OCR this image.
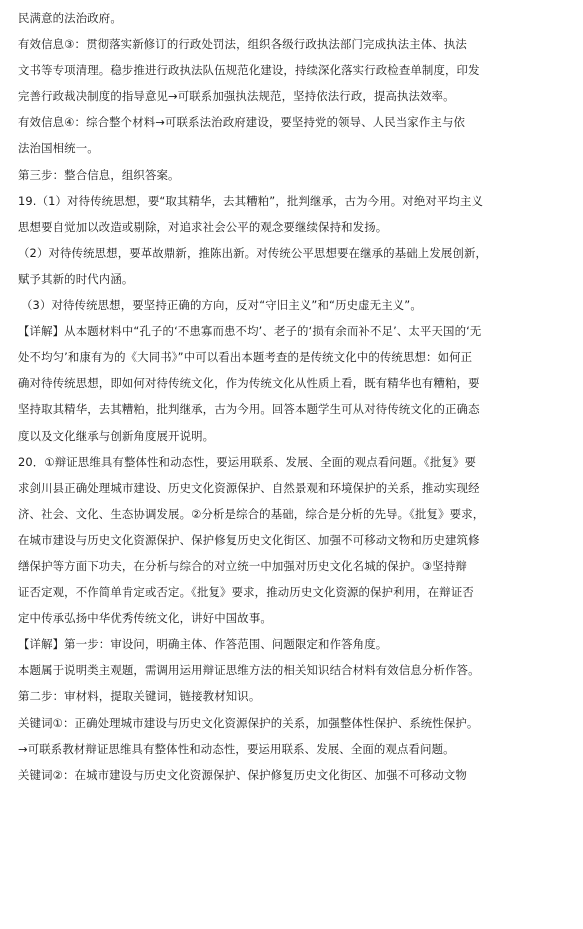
民满意的法治政府。
有效信息③：贯彻落实新修订的行政处罚法，组织各级行政执法部门完成执法主体、执法
文书等专项清理。稳步推进行政执法队伍规范化建设，持续深化落实行政检查单制度，印发
完善行政裁决制度的指导意见→可联系加强执法规范，坚持依法行政，提高执法效率。
有效信息④：综合整个材料→可联系法治政府建设，要坚持党的领导、人民当家作主与依
法治国相统一。
第三步：整合信息，组织答案。
19.（1）对待传统思想，要“取其精华，去其糟粕”，批判继承，古为今用。对绝对平均主义
思想要自觉加以改造或剔除，对追求社会公平的观念要继续保持和发扬。
（2）对待传统思想，要革故鼎新，推陈出新。对传统公平思想要在继承的基础上发展创新，
赋予其新的时代内涵。
（3）对待传统思想，要坚持正确的方向，反对“守旧主义”和“历史虚无主义”。
【详解】从本题材料中“孔子的‘不患寡而患不均’、老子的‘损有余而补不足’、太平天国的‘无
处不均匀’和康有为的《大同书》”中可以看出本题考查的是传统文化中的传统思想：如何正
确对待传统思想，即如何对待传统文化，作为传统文化从性质上看，既有精华也有糟粕，要
坚持取其精华，去其糟粕，批判继承，古为今用。回答本题学生可从对待传统文化的正确态
度以及文化继承与创新角度展开说明。
20．①辩证思维具有整体性和动态性，要运用联系、发展、全面的观点看问题。《批复》要
求剑川县正确处理城市建设、历史文化资源保护、自然景观和环境保护的关系，推动实现经
济、社会、文化、生态协调发展。②分析是综合的基础，综合是分析的先导。《批复》要求，
在城市建设与历史文化资源保护、保护修复历史文化街区、加强不可移动文物和历史建筑修
缮保护等方面下功夫，在分析与综合的对立统一中加强对历史文化名城的保护。③坚持辩
证否定观，不作简单肯定或否定。《批复》要求，推动历史文化资源的保护利用，在辩证否
定中传承弘扬中华优秀传统文化，讲好中国故事。
【详解】第一步：审设问，明确主体、作答范围、问题限定和作答角度。
本题属于说明类主观题，需调用运用辩证思维方法的相关知识结合材料有效信息分析作答。
第二步：审材料，提取关键词，链接教材知识。
关键词①：正确处理城市建设与历史文化资源保护的关系，加强整体性保护、系统性保护。
→可联系教材辩证思维具有整体性和动态性，要运用联系、发展、全面的观点看问题。
关键词②：在城市建设与历史文化资源保护、保护修复历史文化街区、加强不可移动文物
